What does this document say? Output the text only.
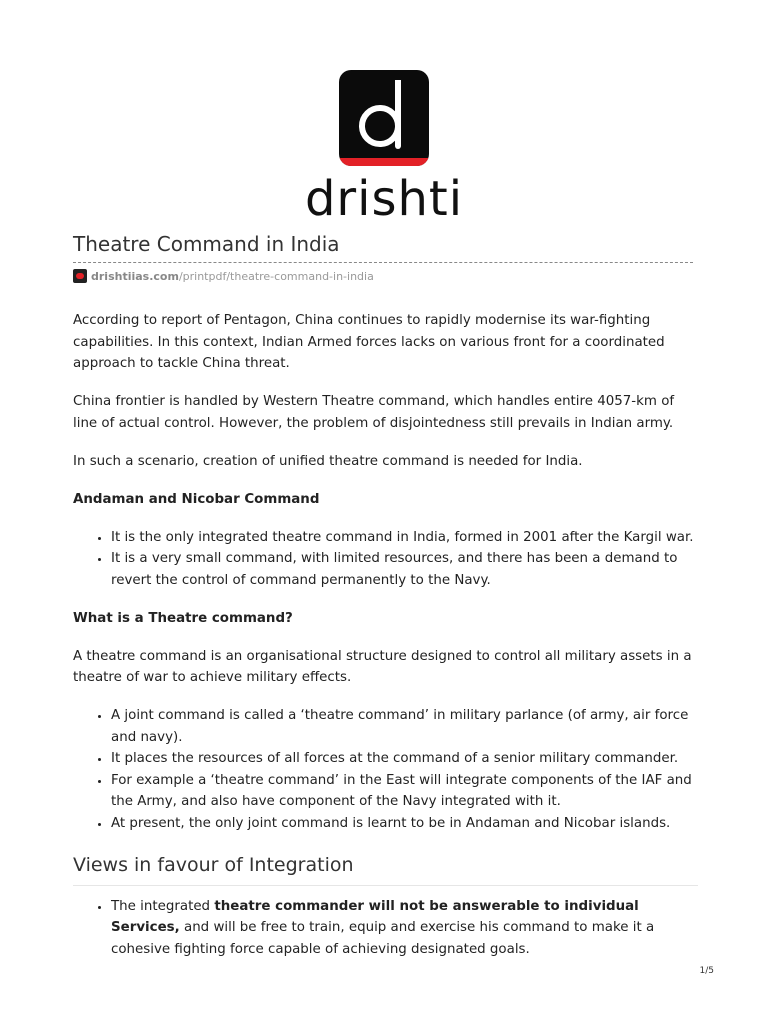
drishti
Theatre Command in India
drishtiias.com/printpdf/theatre-command-in-india

According to report of Pentagon, China continues to rapidly modernise its war-fighting capabilities. In this context, Indian Armed forces lacks on various front for a coordinated approach to tackle China threat.

China frontier is handled by Western Theatre command, which handles entire 4057-km of line of actual control. However, the problem of disjointedness still prevails in Indian army.

In such a scenario, creation of unified theatre command is needed for India.

Andaman and Nicobar Command
• It is the only integrated theatre command in India, formed in 2001 after the Kargil war.
• It is a very small command, with limited resources, and there has been a demand to revert the control of command permanently to the Navy.
What is a Theatre command?

A theatre command is an organisational structure designed to control all military assets in a theatre of war to achieve military effects.

• A joint command is called a ‘theatre command’ in military parlance (of army, air force and navy).
• It places the resources of all forces at the command of a senior military commander.
• For example a ‘theatre command’ in the East will integrate components of the IAF and the Army, and also have component of the Navy integrated with it.
• At present, the only joint command is learnt to be in Andaman and Nicobar islands.
Views in favour of Integration
• The integrated theatre commander will not be answerable to individual Services, and will be free to train, equip and exercise his command to make it a cohesive fighting force capable of achieving designated goals.
1/5
